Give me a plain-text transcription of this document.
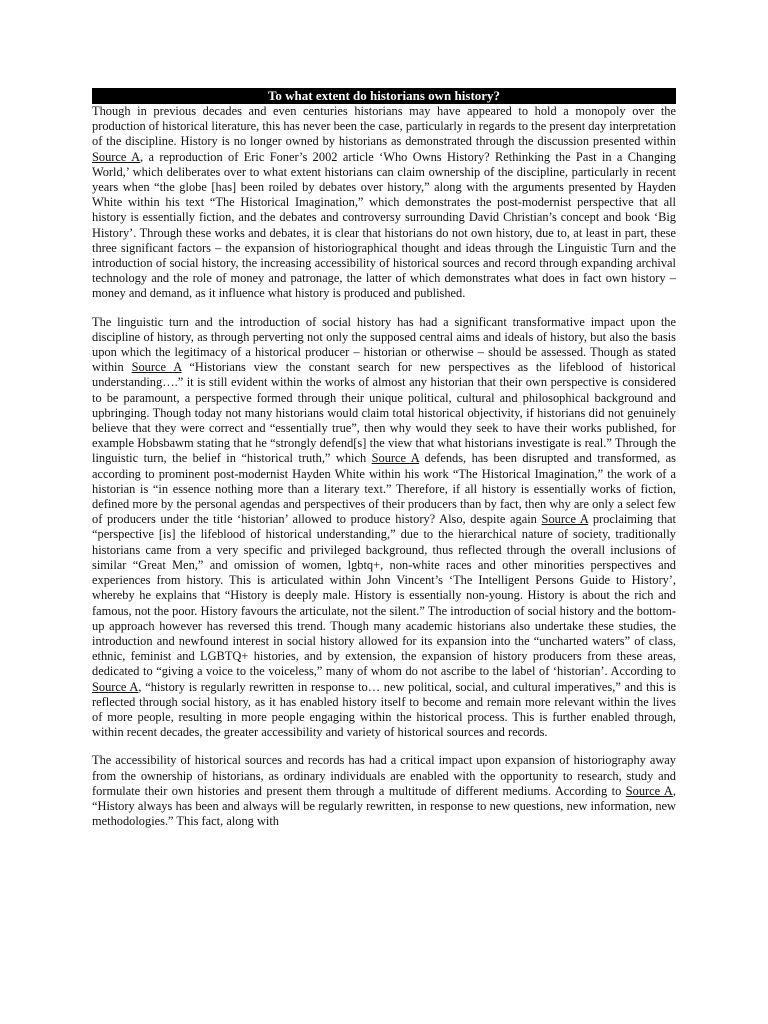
To what extent do historians own history?

Though in previous decades and even centuries historians may have appeared to hold a monopoly over the production of historical literature, this has never been the case, particularly in regards to the present day interpretation of the discipline. History is no longer owned by historians as demonstrated through the discussion presented within Source A, a reproduction of Eric Foner’s 2002 article ‘Who Owns History? Rethinking the Past in a Changing World,’ which deliberates over to what extent historians can claim ownership of the discipline, particularly in recent years when “the globe [has] been roiled by debates over history,” along with the arguments presented by Hayden White within his text “The Historical Imagination,” which demonstrates the post-modernist perspective that all history is essentially fiction, and the debates and controversy surrounding David Christian’s concept and book ‘Big History’. Through these works and debates, it is clear that historians do not own history, due to, at least in part, these three significant factors – the expansion of historiographical thought and ideas through the Linguistic Turn and the introduction of social history, the increasing accessibility of historical sources and record through expanding archival technology and the role of money and patronage, the latter of which demonstrates what does in fact own history – money and demand, as it influence what history is produced and published.

The linguistic turn and the introduction of social history has had a significant transformative impact upon the discipline of history, as through perverting not only the supposed central aims and ideals of history, but also the basis upon which the legitimacy of a historical producer – historian or otherwise – should be assessed. Though as stated within Source A “Historians view the constant search for new perspectives as the lifeblood of historical understanding….” it is still evident within the works of almost any historian that their own perspective is considered to be paramount, a perspective formed through their unique political, cultural and philosophical background and upbringing. Though today not many historians would claim total historical objectivity, if historians did not genuinely believe that they were correct and “essentially true”, then why would they seek to have their works published, for example Hobsbawm stating that he “strongly defend[s] the view that what historians investigate is real.” Through the linguistic turn, the belief in “historical truth,” which Source A defends, has been disrupted and transformed, as according to prominent post-modernist Hayden White within his work “The Historical Imagination,” the work of a historian is “in essence nothing more than a literary text.” Therefore, if all history is essentially works of fiction, defined more by the personal agendas and perspectives of their producers than by fact, then why are only a select few of producers under the title ‘historian’ allowed to produce history? Also, despite again Source A proclaiming that “perspective [is] the lifeblood of historical understanding,” due to the hierarchical nature of society, traditionally historians came from a very specific and privileged background, thus reflected through the overall inclusions of similar “Great Men,” and omission of women, lgbtq+, non-white races and other minorities perspectives and experiences from history. This is articulated within John Vincent’s ‘The Intelligent Persons Guide to History’, whereby he explains that “History is deeply male. History is essentially non-young. History is about the rich and famous, not the poor. History favours the articulate, not the silent.” The introduction of social history and the bottom-up approach however has reversed this trend. Though many academic historians also undertake these studies, the introduction and newfound interest in social history allowed for its expansion into the “uncharted waters” of class, ethnic, feminist and LGBTQ+ histories, and by extension, the expansion of history producers from these areas, dedicated to “giving a voice to the voiceless,” many of whom do not ascribe to the label of ‘historian’. According to Source A, “history is regularly rewritten in response to… new political, social, and cultural imperatives,” and this is reflected through social history, as it has enabled history itself to become and remain more relevant within the lives of more people, resulting in more people engaging within the historical process. This is further enabled through, within recent decades, the greater accessibility and variety of historical sources and records.

The accessibility of historical sources and records has had a critical impact upon expansion of historiography away from the ownership of historians, as ordinary individuals are enabled with the opportunity to research, study and formulate their own histories and present them through a multitude of different mediums. According to Source A, “History always has been and always will be regularly rewritten, in response to new questions, new information, new methodologies.” This fact, along with
